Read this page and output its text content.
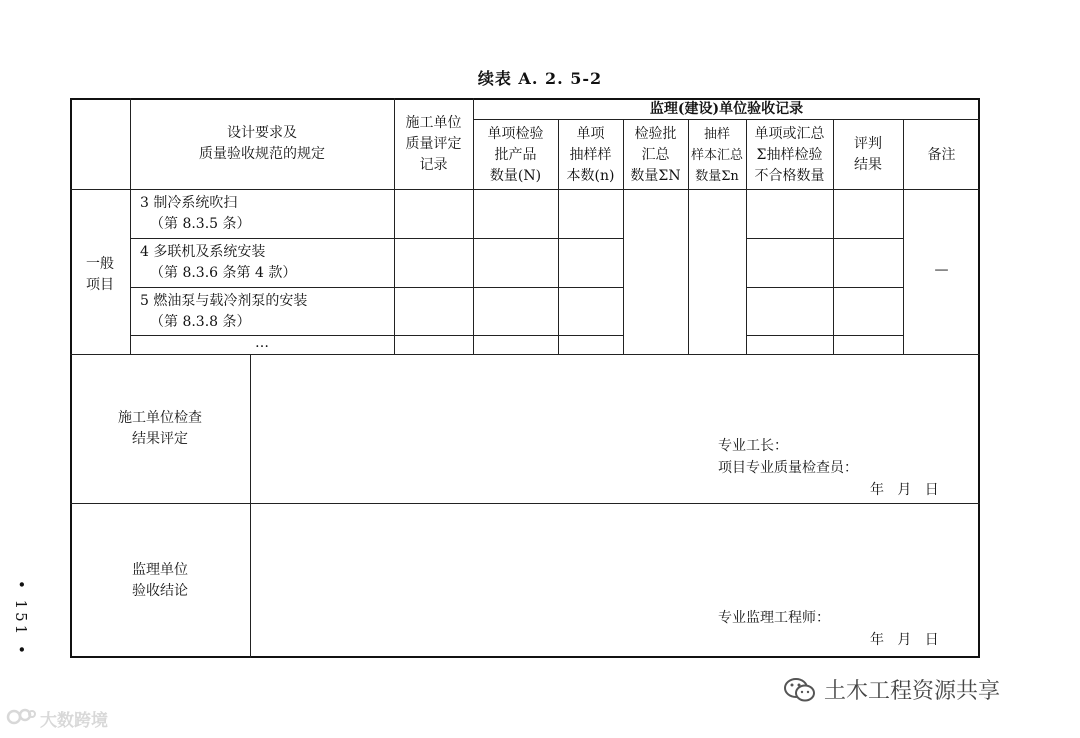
续表 A. 2. 5-2
设计要求及
质量验收规范的规定
施工单位
质量评定
记录
监理(建设)单位验收记录
单项检验
批产品
数量(N)
单项
抽样样
本数(n)
检验批
汇总
数量ΣN
抽样
样本汇总
数量Σn
单项或汇总
Σ抽样检验
不合格数量
评判
结果
备注
一般
项目
3 制冷系统吹扫
（第 8.3.5 条）
4 多联机及系统安装
（第 8.3.6 条第 4 款）
5 燃油泵与载冷剂泵的安装
（第 8.3.8 条）
…
—
施工单位检查
结果评定	专业工长：
项目专业质量检查员：
年   月   日
监理单位
验收结论
专业监理工程师：
年   月   日
• 151 •
大数跨境
土木工程资源共享
